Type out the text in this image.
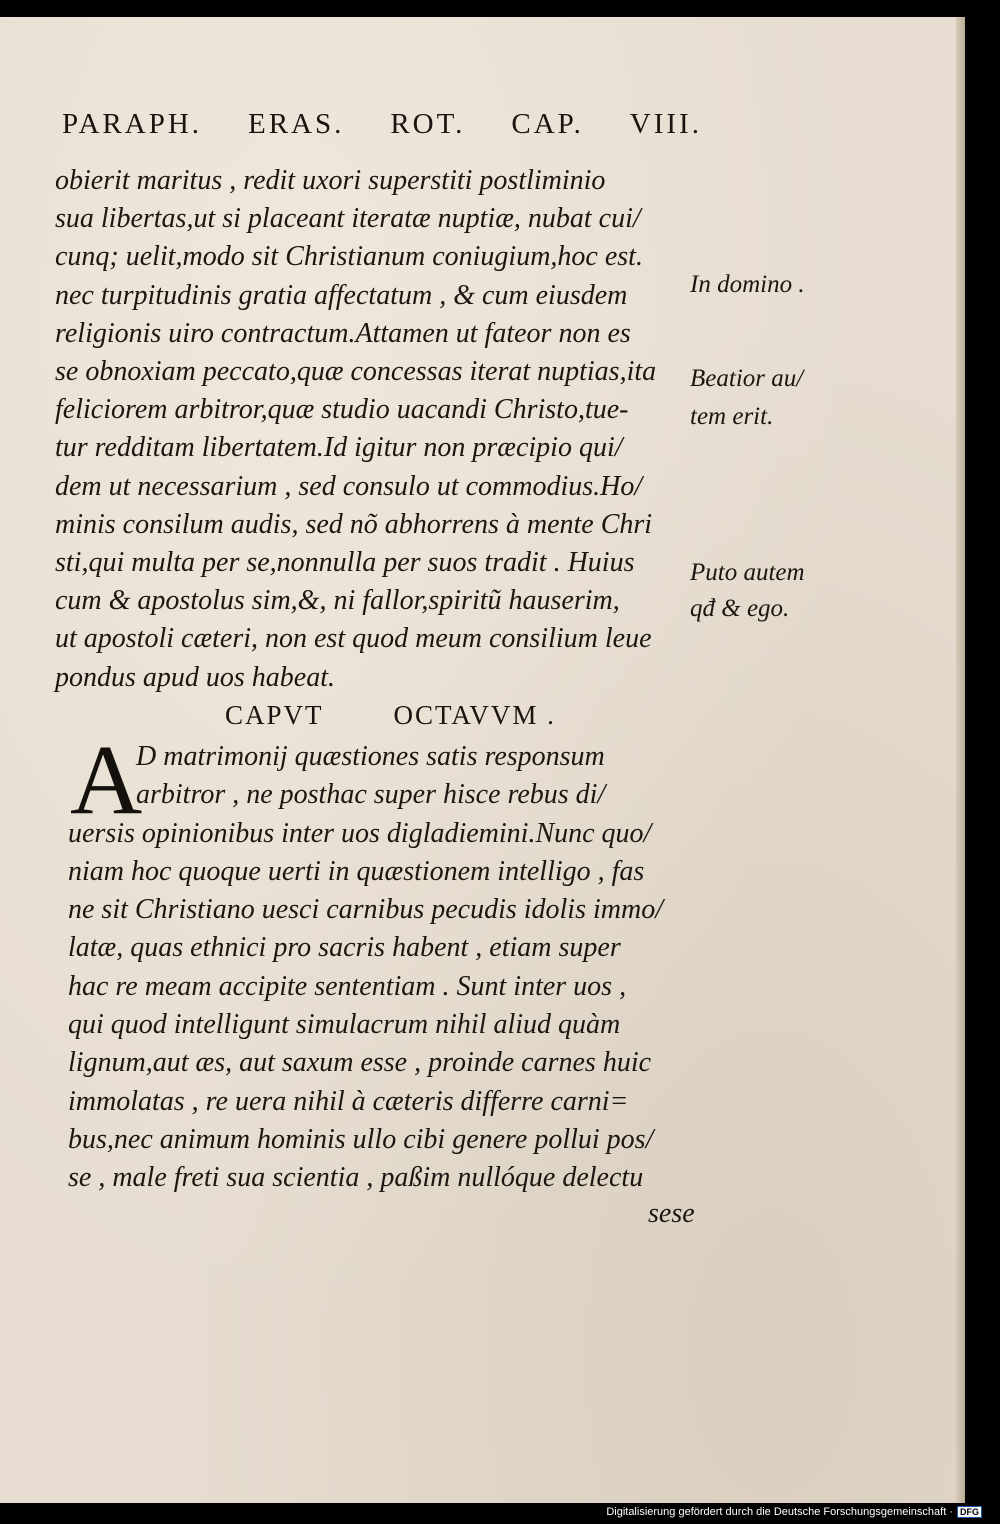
PARAPH. ERAS. ROT. CAP. VIII.
obierit maritus , redit uxori superstiti postliminio
sua libertas,ut si placeant iteratæ nuptiæ, nubat cui/
cunq; uelit,modo sit Christianum coniugium,hoc est.
nec turpitudinis gratia affectatum , & cum eiusdem
religionis uiro contractum.Attamen ut fateor non es
se obnoxiam peccato,quæ concessas iterat nuptias,ita
feliciorem arbitror,quæ studio uacandi Christo,tue-
tur redditam libertatem.Id igitur non præcipio qui/
dem ut necessarium , sed consulo ut commodius.Ho/
minis consilum audis, sed nõ abhorrens à mente Chri
sti,qui multa per se,nonnulla per suos tradit . Huius
cum & apostolus sim,&, ni fallor,spiritũ hauserim,
ut apostoli cæteri, non est quod meum consilium leue
pondus apud uos habeat.
In domino .
Beatior au/
tem erit.
Puto autem
qđ & ego.
CAPVT	OCTAVVM .
A
D matrimonij quæstiones satis responsum
arbitror , ne posthac super hisce rebus di/
uersis opinionibus inter uos digladiemini.Nunc quo/
niam hoc quoque uerti in quæstionem intelligo , fas
ne sit Christiano uesci carnibus pecudis idolis immo/
latæ, quas ethnici pro sacris habent , etiam super
hac re meam accipite sententiam . Sunt inter uos ,
qui quod intelligunt simulacrum nihil aliud quàm
lignum,aut æs, aut saxum esse , proinde carnes huic
immolatas , re uera nihil à cæteris differre carni=
bus,nec animum hominis ullo cibi genere pollui pos/
se , male freti sua scientia , paßim nullóque delectu
sese
Digitalisierung gefördert durch die Deutsche Forschungsgemeinschaft · DFG
